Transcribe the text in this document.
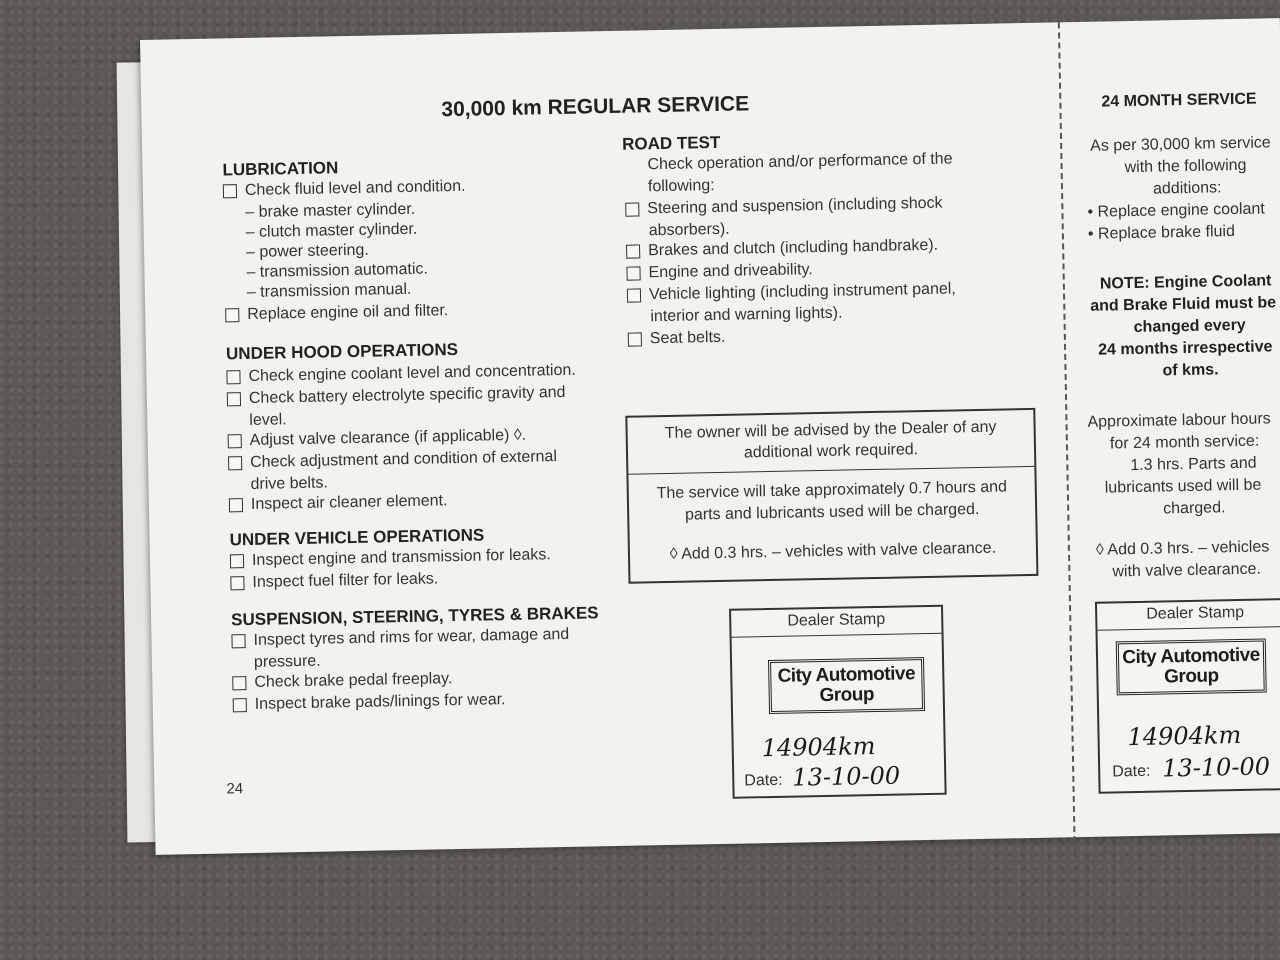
30,000 km REGULAR SERVICE
LUBRICATION
Check fluid level and condition.
– brake master cylinder.
– clutch master cylinder.
– power steering.
– transmission automatic.
– transmission manual.
Replace engine oil and filter.
UNDER HOOD OPERATIONS
Check engine coolant level and concentration.
Check battery electrolyte specific gravity and
level.
Adjust valve clearance (if applicable) ◊.
Check adjustment and condition of external
drive belts.
Inspect air cleaner element.
UNDER VEHICLE OPERATIONS
Inspect engine and transmission for leaks.
Inspect fuel filter for leaks.
SUSPENSION, STEERING, TYRES & BRAKES
Inspect tyres and rims for wear, damage and
pressure.
Check brake pedal freeplay.
Inspect brake pads/linings for wear.
ROAD TEST
Check operation and/or performance of the
following:
Steering and suspension (including shock
absorbers).
Brakes and clutch (including handbrake).
Engine and driveability.
Vehicle lighting (including instrument panel,
interior and warning lights).
Seat belts.
The owner will be advised by the Dealer of any
additional work required.
The service will take approximately 0.7 hours and
parts and lubricants used will be charged.
◊ Add 0.3 hrs. – vehicles with valve clearance.
Dealer Stamp
City Automotive
Group
14904km
Date: 13-10-00
24
24 MONTH SERVICE
As per 30,000 km service
with the following
additions:
• Replace engine coolant
• Replace brake fluid
NOTE: Engine Coolant
and Brake Fluid must be
changed every
24 months irrespective
of kms.
Approximate labour hours
for 24 month service:
1.3 hrs. Parts and
lubricants used will be
charged.
◊ Add 0.3 hrs. – vehicles
with valve clearance.
Dealer Stamp
City Automotive
Group
14904km
Date: 13-10-00
